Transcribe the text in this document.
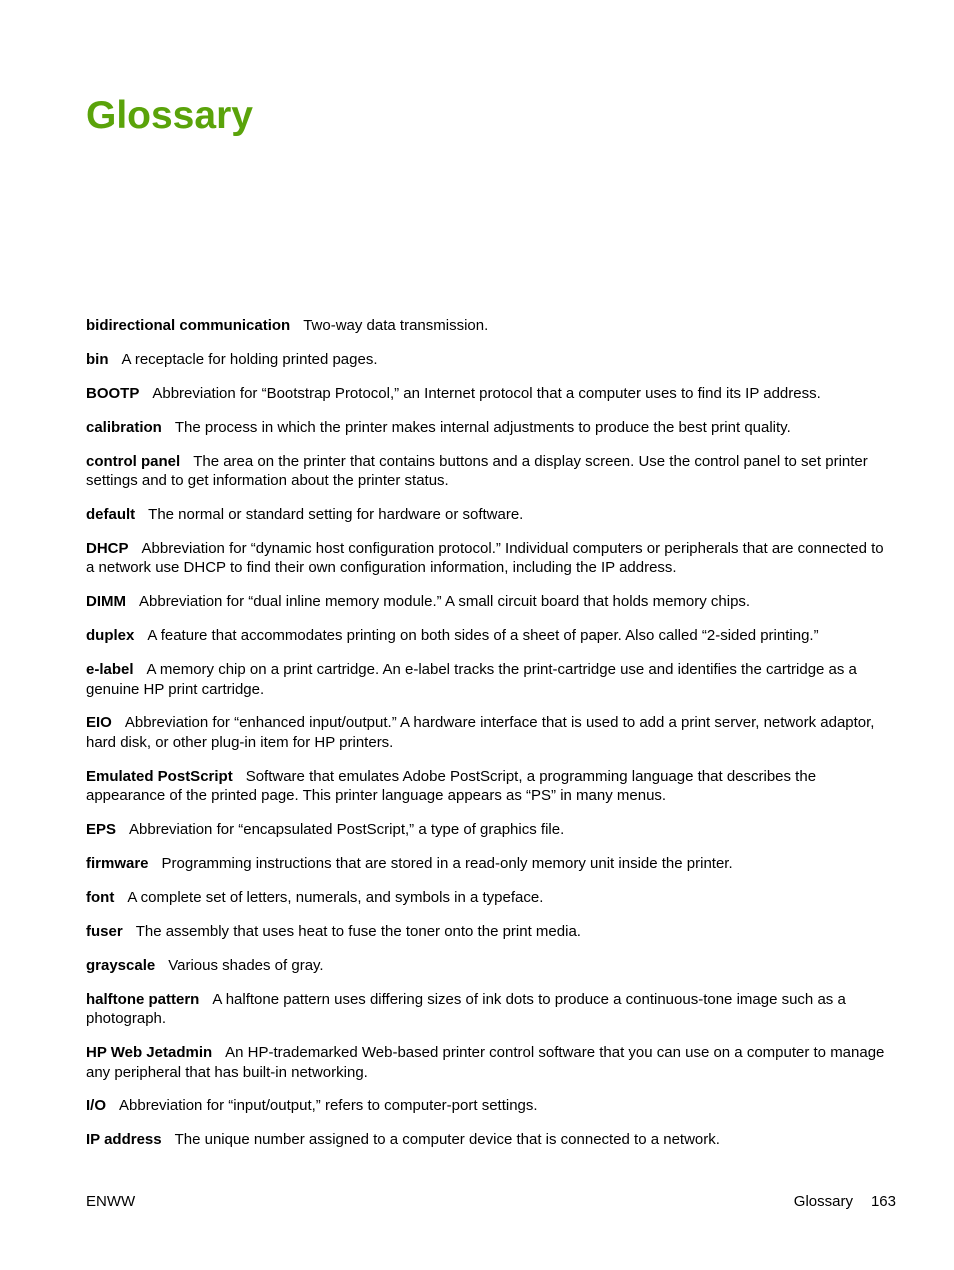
Glossary

bidirectional communication Two-way data transmission.

bin A receptacle for holding printed pages.

BOOTP Abbreviation for “Bootstrap Protocol,” an Internet protocol that a computer uses to find its IP address.

calibration The process in which the printer makes internal adjustments to produce the best print quality.

control panel The area on the printer that contains buttons and a display screen. Use the control panel to set printer settings and to get information about the printer status.

default The normal or standard setting for hardware or software.

DHCP Abbreviation for “dynamic host configuration protocol.” Individual computers or peripherals that are connected to a network use DHCP to find their own configuration information, including the IP address.

DIMM Abbreviation for “dual inline memory module.” A small circuit board that holds memory chips.

duplex A feature that accommodates printing on both sides of a sheet of paper. Also called “2-sided printing.”

e-label A memory chip on a print cartridge. An e-label tracks the print-cartridge use and identifies the cartridge as a genuine HP print cartridge.

EIO Abbreviation for “enhanced input/output.” A hardware interface that is used to add a print server, network adaptor, hard disk, or other plug-in item for HP printers.

Emulated PostScript Software that emulates Adobe PostScript, a programming language that describes the appearance of the printed page. This printer language appears as “PS” in many menus.

EPS Abbreviation for “encapsulated PostScript,” a type of graphics file.

firmware Programming instructions that are stored in a read-only memory unit inside the printer.

font A complete set of letters, numerals, and symbols in a typeface.

fuser The assembly that uses heat to fuse the toner onto the print media.

grayscale Various shades of gray.

halftone pattern A halftone pattern uses differing sizes of ink dots to produce a continuous-tone image such as a photograph.

HP Web Jetadmin An HP-trademarked Web-based printer control software that you can use on a computer to manage any peripheral that has built-in networking.

I/O Abbreviation for “input/output,” refers to computer-port settings.

IP address The unique number assigned to a computer device that is connected to a network.

ENWW	Glossary 163
